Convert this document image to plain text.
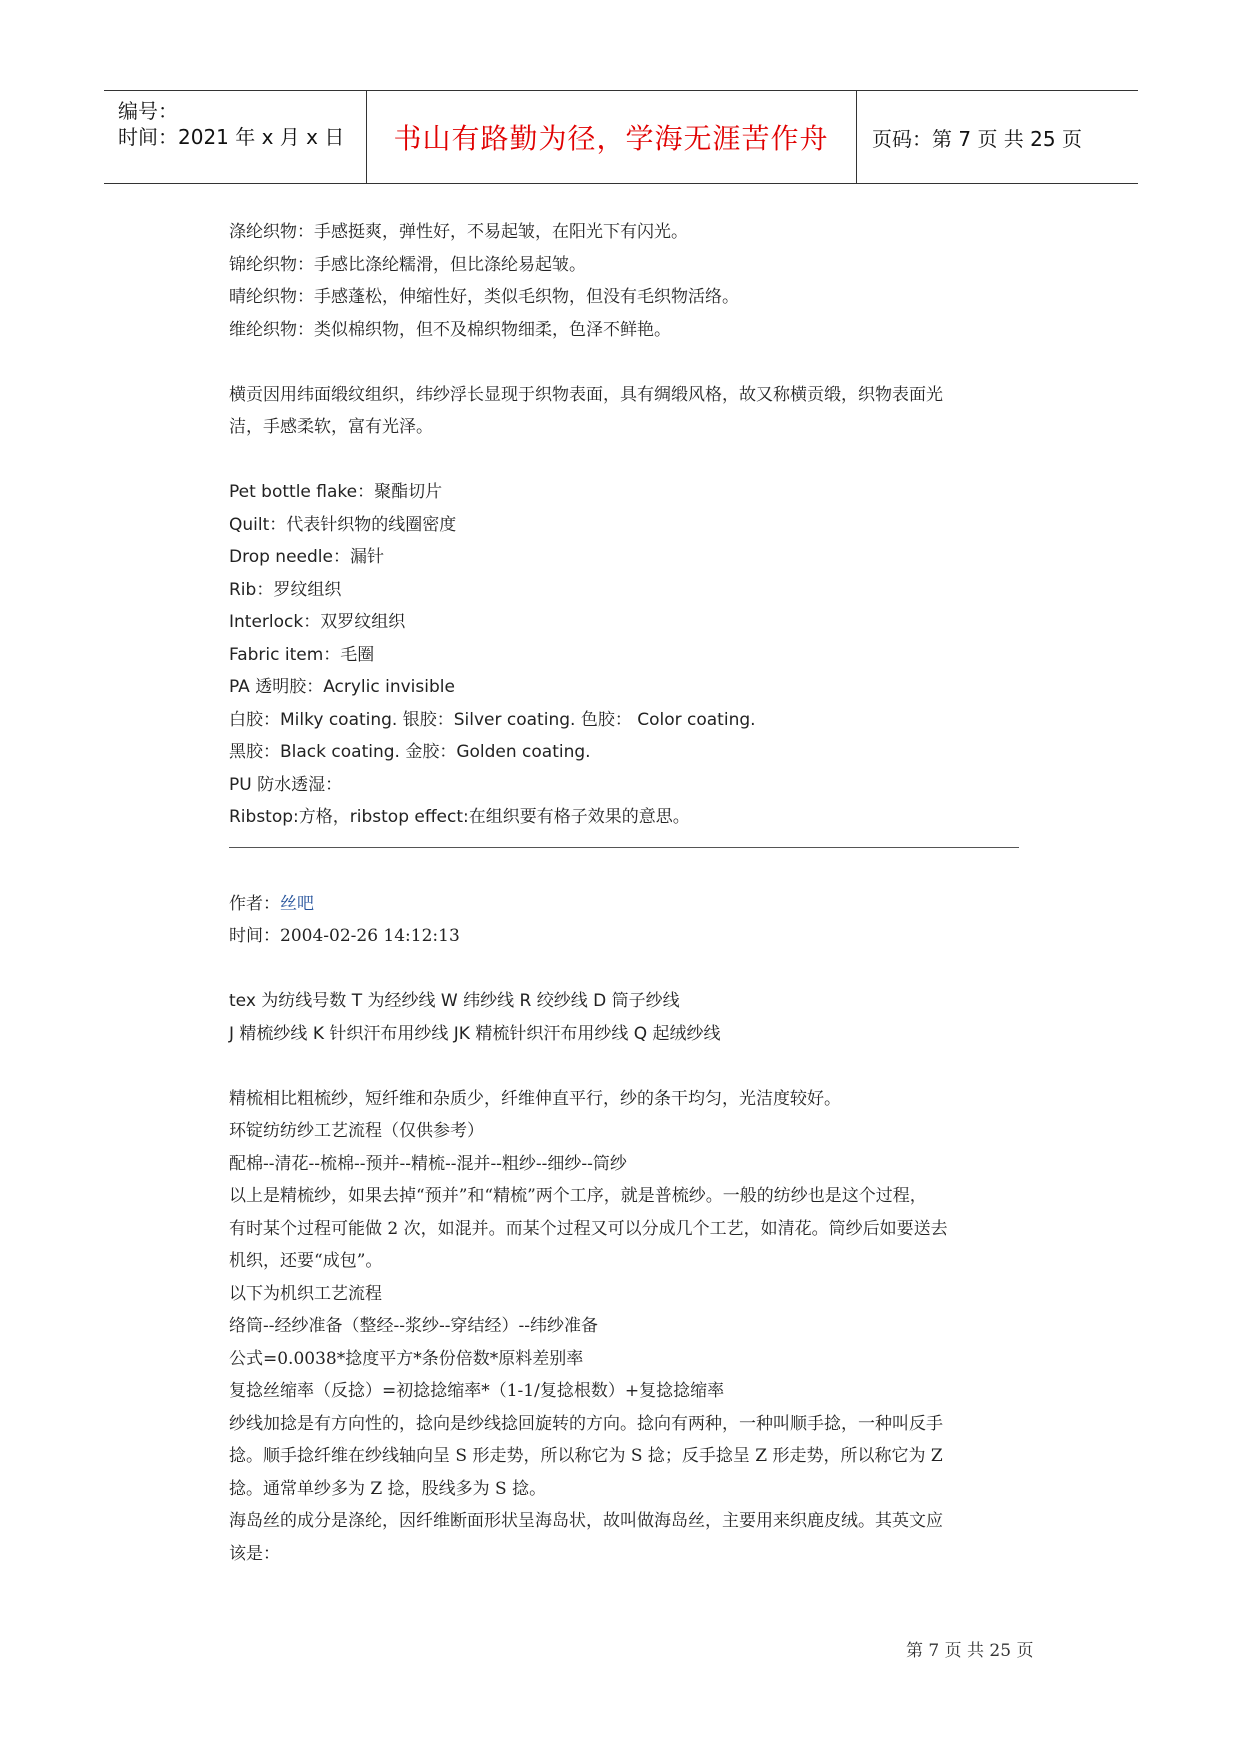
编号：
时间：2021 年 x 月 x 日	书山有路勤为径，学海无涯苦作舟	页码：第 7 页 共 25 页

涤纶织物：手感挺爽，弹性好，不易起皱，在阳光下有闪光。

锦纶织物：手感比涤纶糯滑，但比涤纶易起皱。

晴纶织物：手感蓬松，伸缩性好，类似毛织物，但没有毛织物活络。

维纶织物：类似棉织物，但不及棉织物细柔，色泽不鲜艳。

横贡因用纬面缎纹组织，纬纱浮长显现于织物表面，具有绸缎风格，故又称横贡缎，织物表面光

洁，手感柔软，富有光泽。

Pet bottle flake：聚酯切片

Quilt：代表针织物的线圈密度

Drop needle：漏针

Rib：罗纹组织

Interlock：双罗纹组织

Fabric item：毛圈

PA 透明胶：Acrylic invisible

白胶：Milky coating. 银胶：Silver coating. 色胶： Color coating.

黑胶：Black coating. 金胶：Golden coating.

PU 防水透湿：

Ribstop:方格，ribstop effect:在组织要有格子效果的意思。

作者：丝吧

时间：2004-02-26 14:12:13

tex 为纺线号数 T 为经纱线 W 纬纱线 R 绞纱线 D 筒子纱线

J 精梳纱线 K 针织汗布用纱线 JK 精梳针织汗布用纱线 Q 起绒纱线

精梳相比粗梳纱，短纤维和杂质少，纤维伸直平行，纱的条干均匀，光洁度较好。

环锭纺纺纱工艺流程（仅供参考）

配棉--清花--梳棉--预并--精梳--混并--粗纱--细纱--筒纱

以上是精梳纱，如果去掉“预并”和“精梳”两个工序，就是普梳纱。一般的纺纱也是这个过程，

有时某个过程可能做 2 次，如混并。而某个过程又可以分成几个工艺，如清花。筒纱后如要送去

机织，还要“成包”。

以下为机织工艺流程

络筒--经纱准备（整经--浆纱--穿结经）--纬纱准备

公式=0.0038*捻度平方*条份倍数*原料差别率

复捻丝缩率（反捻）=初捻捻缩率*（1-1/复捻根数）+复捻捻缩率

纱线加捻是有方向性的，捻向是纱线捻回旋转的方向。捻向有两种，一种叫顺手捻，一种叫反手

捻。顺手捻纤维在纱线轴向呈 S 形走势，所以称它为 S 捻；反手捻呈 Z 形走势，所以称它为 Z

捻。通常单纱多为 Z 捻，股线多为 S 捻。

海岛丝的成分是涤纶，因纤维断面形状呈海岛状，故叫做海岛丝，主要用来织鹿皮绒。其英文应

该是：

第 7 页 共 25 页
